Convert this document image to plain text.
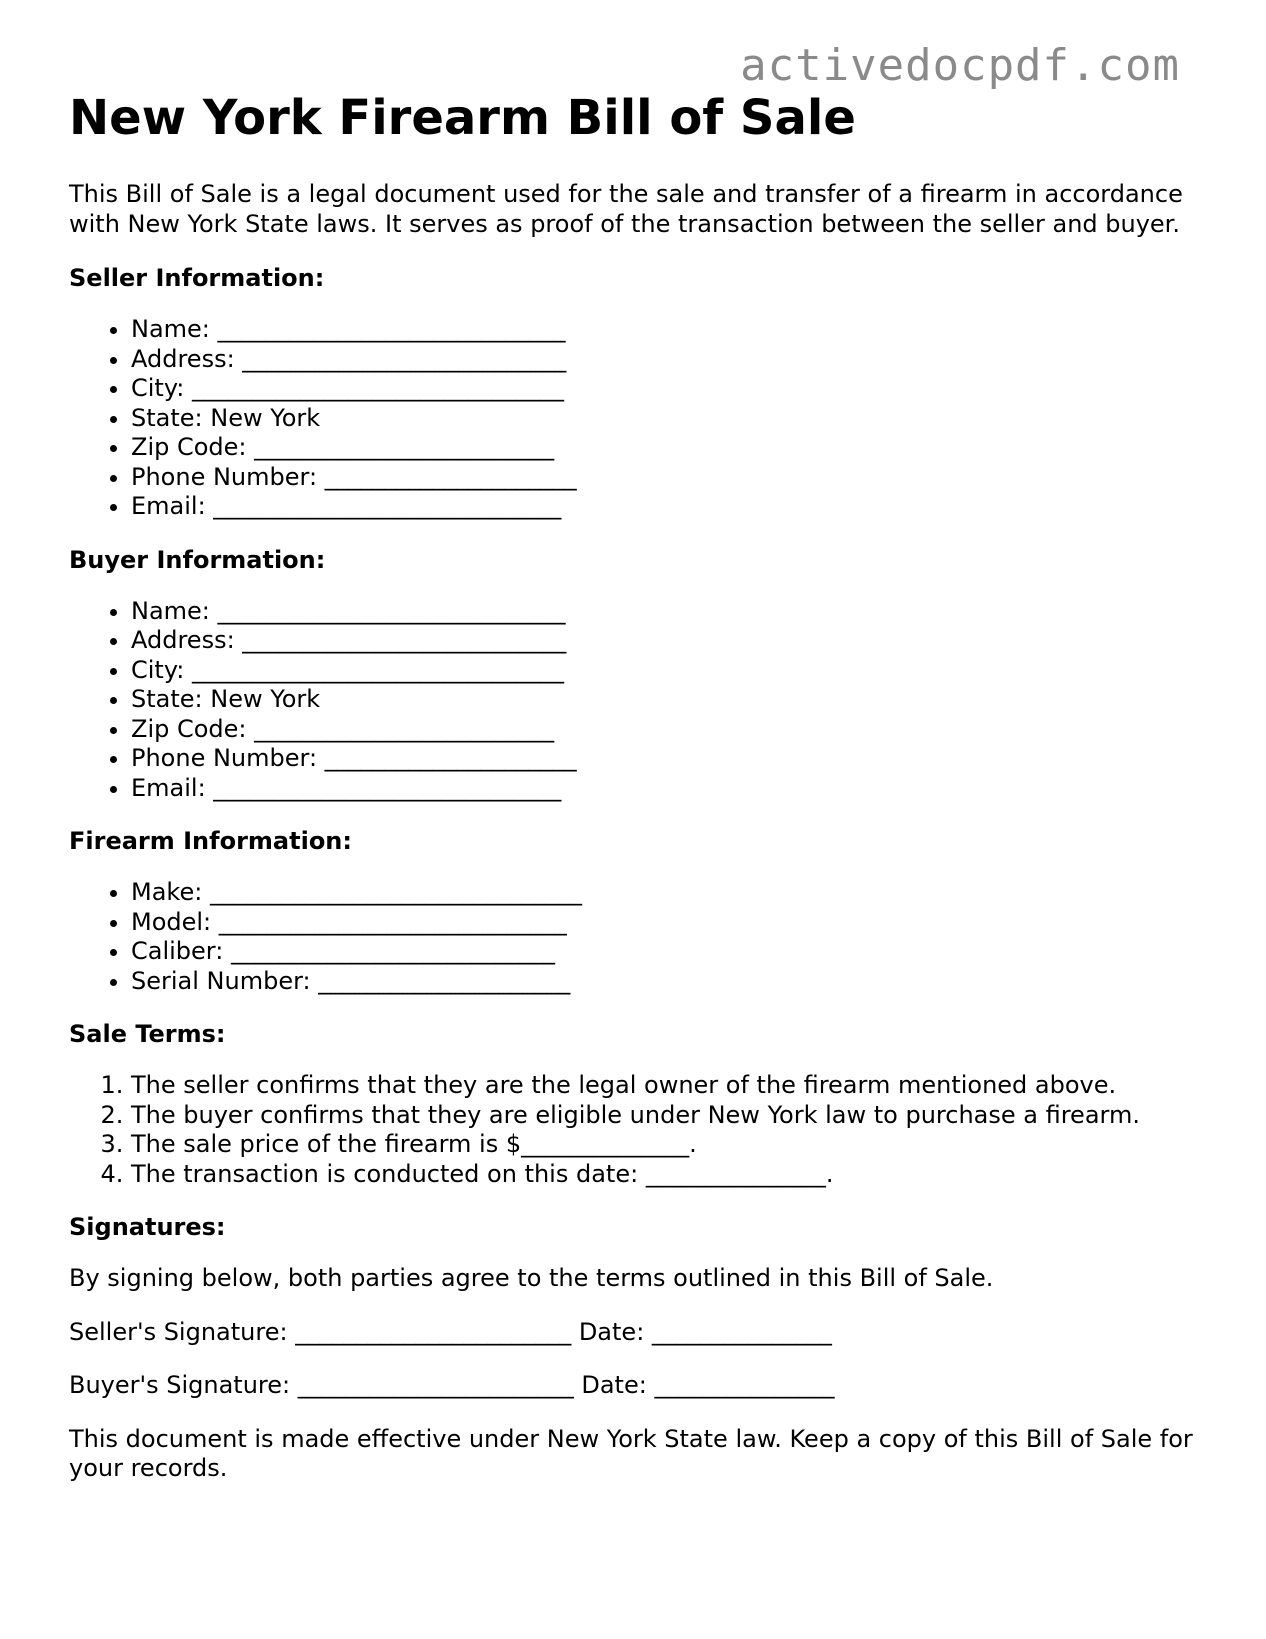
activedocpdf.com
New York Firearm Bill of Sale

This Bill of Sale is a legal document used for the sale and transfer of a firearm in accordance with New York State laws. It serves as proof of the transaction between the seller and buyer.

Seller Information:
• Name: _____________________________
• Address: ___________________________
• City: _______________________________
• State: New York
• Zip Code: _________________________
• Phone Number: _____________________
• Email: _____________________________
Buyer Information:
• Name: _____________________________
• Address: ___________________________
• City: _______________________________
• State: New York
• Zip Code: _________________________
• Phone Number: _____________________
• Email: _____________________________
Firearm Information:
• Make: _______________________________
• Model: _____________________________
• Caliber: ___________________________
• Serial Number: _____________________
Sale Terms:
1. The seller confirms that they are the legal owner of the firearm mentioned above.
2. The buyer confirms that they are eligible under New York law to purchase a firearm.
3. The sale price of the firearm is $______________.
4. The transaction is conducted on this date: _______________.
Signatures:

By signing below, both parties agree to the terms outlined in this Bill of Sale.

Seller's Signature: _______________________ Date: _______________
Buyer's Signature: _______________________ Date: _______________

This document is made effective under New York State law. Keep a copy of this Bill of Sale for your records.
